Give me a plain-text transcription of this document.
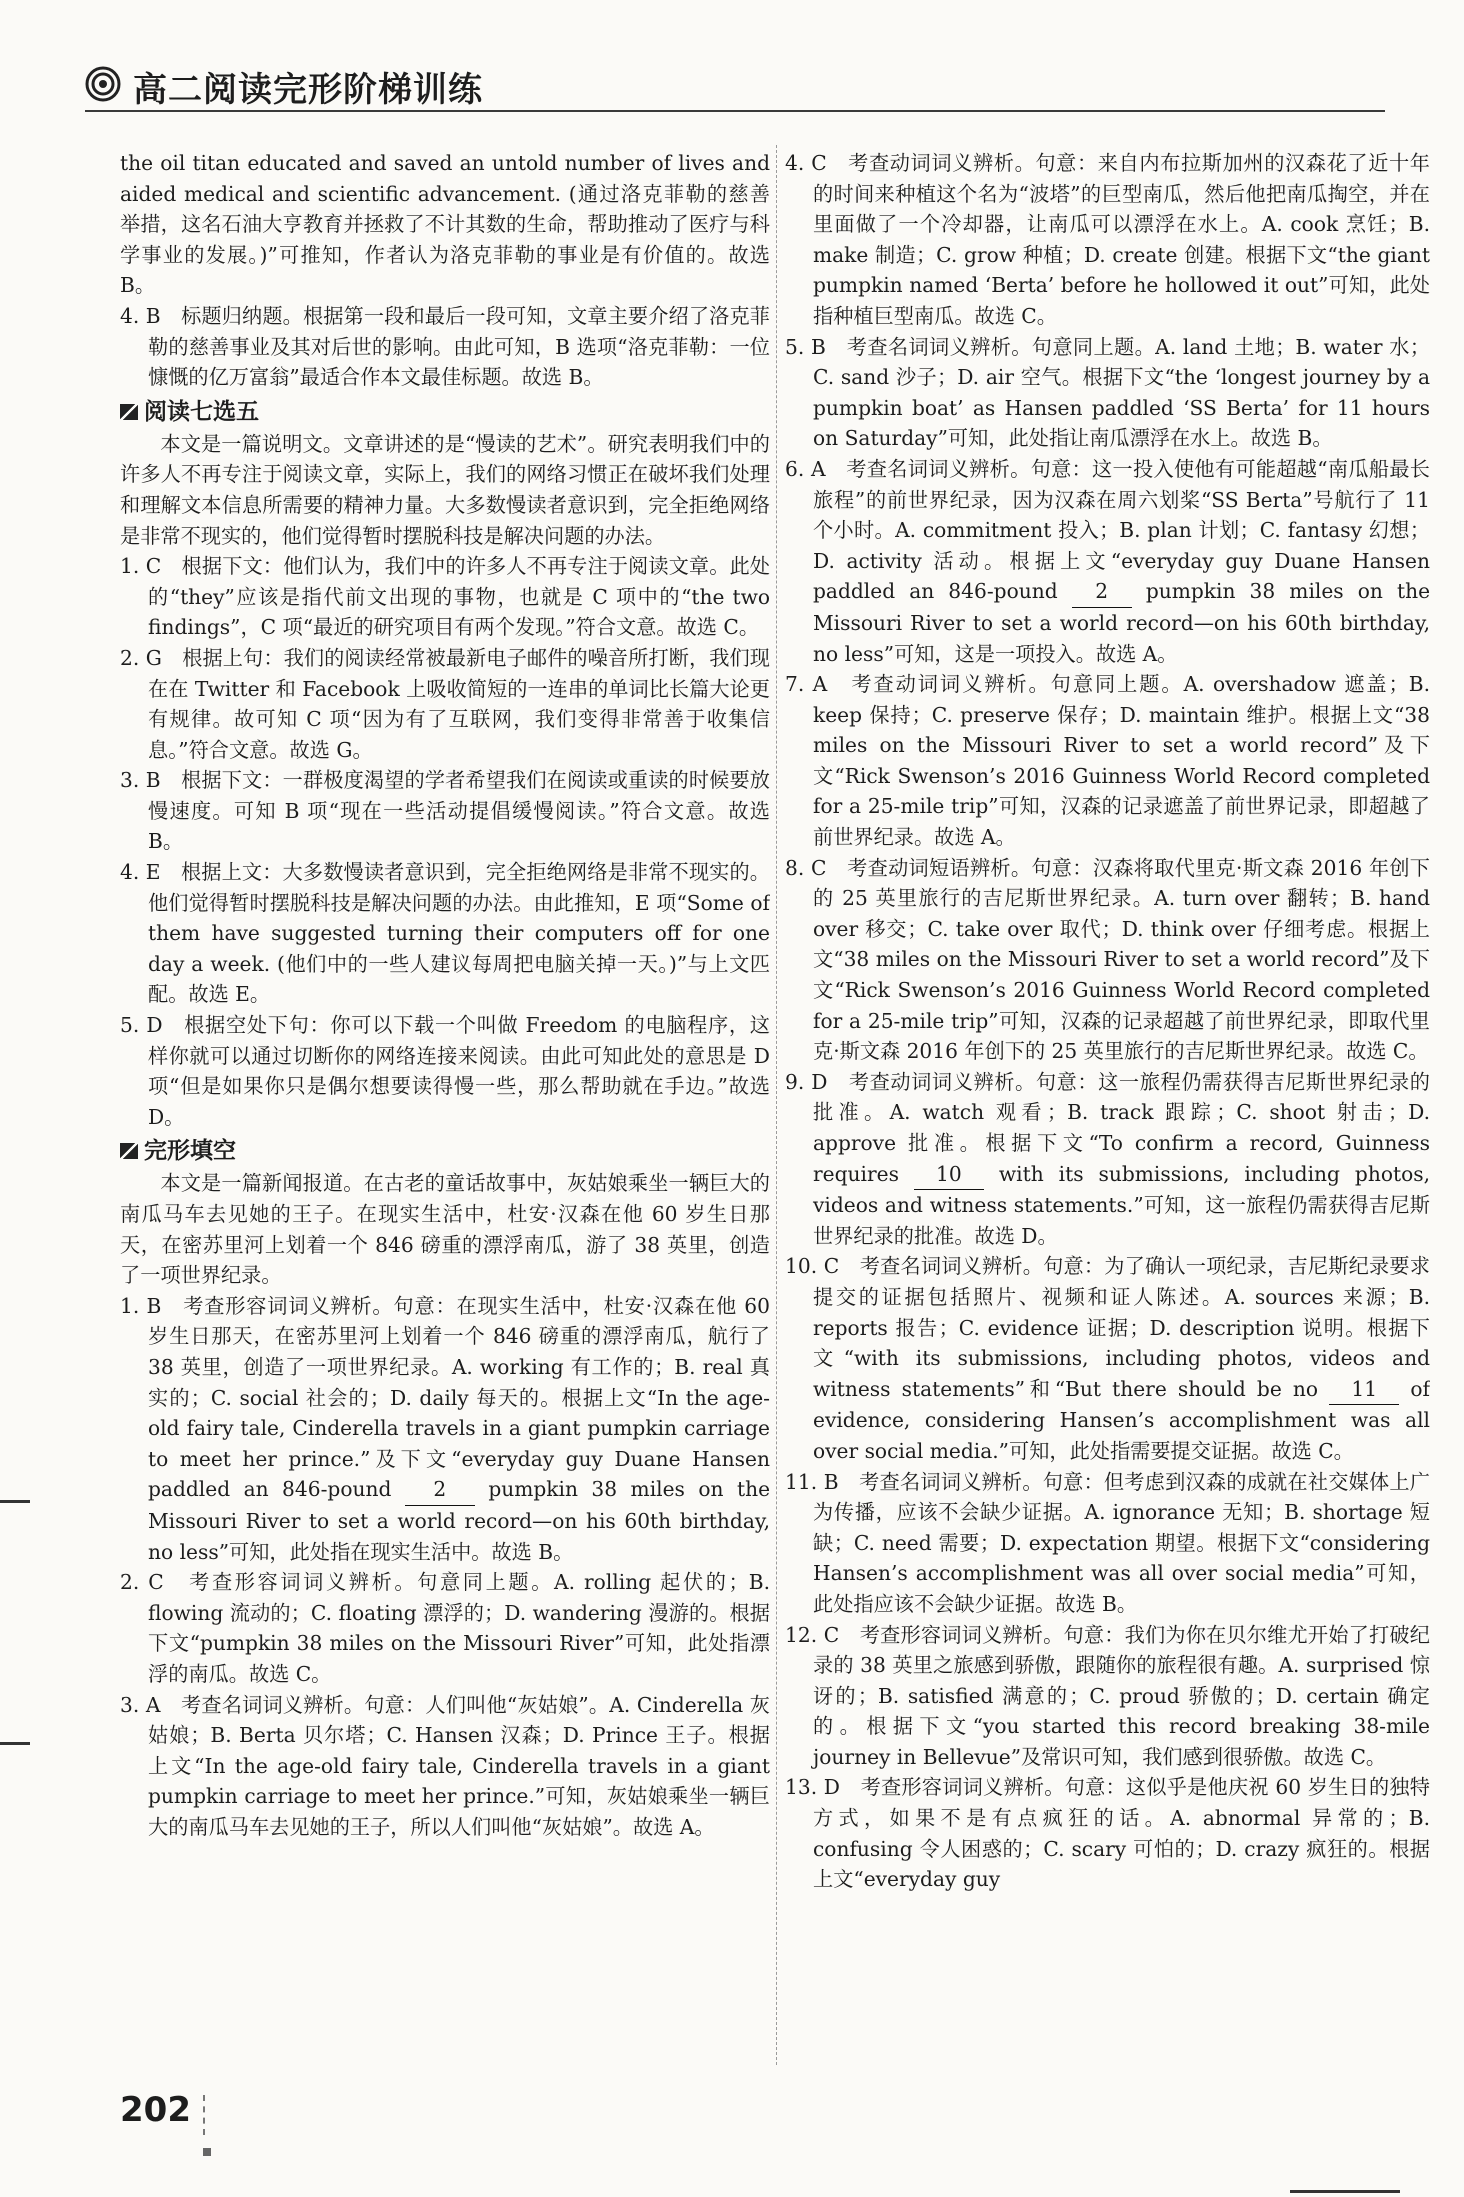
高二阅读完形阶梯训练

the oil titan educated and saved an untold number of lives and aided medical and scientific advancement. (通过洛克菲勒的慈善举措，这名石油大亨教育并拯救了不计其数的生命，帮助推动了医疗与科学事业的发展。)”可推知，作者认为洛克菲勒的事业是有价值的。故选 B。

4. B　标题归纳题。根据第一段和最后一段可知，文章主要介绍了洛克菲勒的慈善事业及其对后世的影响。由此可知，B 选项“洛克菲勒：一位慷慨的亿万富翁”最适合作本文最佳标题。故选 B。

阅读七选五

本文是一篇说明文。文章讲述的是“慢读的艺术”。研究表明我们中的许多人不再专注于阅读文章，实际上，我们的网络习惯正在破坏我们处理和理解文本信息所需要的精神力量。大多数慢读者意识到，完全拒绝网络是非常不现实的，他们觉得暂时摆脱科技是解决问题的办法。

1. C　根据下文：他们认为，我们中的许多人不再专注于阅读文章。此处的“they”应该是指代前文出现的事物，也就是 C 项中的“the two findings”，C 项“最近的研究项目有两个发现。”符合文意。故选 C。

2. G　根据上句：我们的阅读经常被最新电子邮件的噪音所打断，我们现在在 Twitter 和 Facebook 上吸收简短的一连串的单词比长篇大论更有规律。故可知 C 项“因为有了互联网，我们变得非常善于收集信息。”符合文意。故选 G。

3. B　根据下文：一群极度渴望的学者希望我们在阅读或重读的时候要放慢速度。可知 B 项“现在一些活动提倡缓慢阅读。”符合文意。故选 B。

4. E　根据上文：大多数慢读者意识到，完全拒绝网络是非常不现实的。他们觉得暂时摆脱科技是解决问题的办法。由此推知，E 项“Some of them have suggested turning their computers off for one day a week. (他们中的一些人建议每周把电脑关掉一天。)”与上文匹配。故选 E。

5. D　根据空处下句：你可以下载一个叫做 Freedom 的电脑程序，这样你就可以通过切断你的网络连接来阅读。由此可知此处的意思是 D 项“但是如果你只是偶尔想要读得慢一些，那么帮助就在手边。”故选 D。

完形填空

本文是一篇新闻报道。在古老的童话故事中，灰姑娘乘坐一辆巨大的南瓜马车去见她的王子。在现实生活中，杜安·汉森在他 60 岁生日那天，在密苏里河上划着一个 846 磅重的漂浮南瓜，游了 38 英里，创造了一项世界纪录。

1. B　考查形容词词义辨析。句意：在现实生活中，杜安·汉森在他 60 岁生日那天，在密苏里河上划着一个 846 磅重的漂浮南瓜，航行了 38 英里，创造了一项世界纪录。A. working 有工作的；B. real 真实的；C. social 社会的；D. daily 每天的。根据上文“In the age-old fairy tale, Cinderella travels in a giant pumpkin carriage to meet her prince.”及下文“everyday guy Duane Hansen paddled an 846-pound 2 pumpkin 38 miles on the Missouri River to set a world record—on his 60th birthday, no less”可知，此处指在现实生活中。故选 B。

2. C　考查形容词词义辨析。句意同上题。A. rolling 起伏的；B. flowing 流动的；C. floating 漂浮的；D. wandering 漫游的。根据下文“pumpkin 38 miles on the Missouri River”可知，此处指漂浮的南瓜。故选 C。

3. A　考查名词词义辨析。句意：人们叫他“灰姑娘”。A. Cinderella 灰姑娘；B. Berta 贝尔塔；C. Hansen 汉森；D. Prince 王子。根据上文“In the age-old fairy tale, Cinderella travels in a giant pumpkin carriage to meet her prince.”可知，灰姑娘乘坐一辆巨大的南瓜马车去见她的王子，所以人们叫他“灰姑娘”。故选 A。

4. C　考查动词词义辨析。句意：来自内布拉斯加州的汉森花了近十年的时间来种植这个名为“波塔”的巨型南瓜，然后他把南瓜掏空，并在里面做了一个冷却器，让南瓜可以漂浮在水上。A. cook 烹饪；B. make 制造；C. grow 种植；D. create 创建。根据下文“the giant pumpkin named ‘Berta’ before he hollowed it out”可知，此处指种植巨型南瓜。故选 C。

5. B　考查名词词义辨析。句意同上题。A. land 土地；B. water 水；C. sand 沙子；D. air 空气。根据下文“the ‘longest journey by a pumpkin boat’ as Hansen paddled ‘SS Berta’ for 11 hours on Saturday”可知，此处指让南瓜漂浮在水上。故选 B。

6. A　考查名词词义辨析。句意：这一投入使他有可能超越“南瓜船最长旅程”的前世界纪录，因为汉森在周六划桨“SS Berta”号航行了 11 个小时。A. commitment 投入；B. plan 计划；C. fantasy 幻想；D. activity 活动。根据上文“everyday guy Duane Hansen paddled an 846-pound 2 pumpkin 38 miles on the Missouri River to set a world record—on his 60th birthday, no less”可知，这是一项投入。故选 A。

7. A　考查动词词义辨析。句意同上题。A. overshadow 遮盖；B. keep 保持；C. preserve 保存；D. maintain 维护。根据上文“38 miles on the Missouri River to set a world record”及下文“Rick Swenson’s 2016 Guinness World Record completed for a 25-mile trip”可知，汉森的记录遮盖了前世界记录，即超越了前世界纪录。故选 A。

8. C　考查动词短语辨析。句意：汉森将取代里克·斯文森 2016 年创下的 25 英里旅行的吉尼斯世界纪录。A. turn over 翻转；B. hand over 移交；C. take over 取代；D. think over 仔细考虑。根据上文“38 miles on the Missouri River to set a world record”及下文“Rick Swenson’s 2016 Guinness World Record completed for a 25-mile trip”可知，汉森的记录超越了前世界纪录，即取代里克·斯文森 2016 年创下的 25 英里旅行的吉尼斯世界纪录。故选 C。

9. D　考查动词词义辨析。句意：这一旅程仍需获得吉尼斯世界纪录的批准。A. watch 观看；B. track 跟踪；C. shoot 射击；D. approve 批准。根据下文“To confirm a record, Guinness requires 10 with its submissions, including photos, videos and witness statements.”可知，这一旅程仍需获得吉尼斯世界纪录的批准。故选 D。

10. C　考查名词词义辨析。句意：为了确认一项纪录，吉尼斯纪录要求提交的证据包括照片、视频和证人陈述。A. sources 来源；B. reports 报告；C. evidence 证据；D. description 说明。根据下文“with its submissions, including photos, videos and witness statements”和“But there should be no 11 of evidence, considering Hansen’s accomplishment was all over social media.”可知，此处指需要提交证据。故选 C。

11. B　考查名词词义辨析。句意：但考虑到汉森的成就在社交媒体上广为传播，应该不会缺少证据。A. ignorance 无知；B. shortage 短缺；C. need 需要；D. expectation 期望。根据下文“considering Hansen’s accomplishment was all over social media”可知，此处指应该不会缺少证据。故选 B。

12. C　考查形容词词义辨析。句意：我们为你在贝尔维尤开始了打破纪录的 38 英里之旅感到骄傲，跟随你的旅程很有趣。A. surprised 惊讶的；B. satisfied 满意的；C. proud 骄傲的；D. certain 确定的。根据下文“you started this record breaking 38-mile journey in Bellevue”及常识可知，我们感到很骄傲。故选 C。

13. D　考查形容词词义辨析。句意：这似乎是他庆祝 60 岁生日的独特方式，如果不是有点疯狂的话。A. abnormal 异常的；B. confusing 令人困惑的；C. scary 可怕的；D. crazy 疯狂的。根据上文“everyday guy

202
